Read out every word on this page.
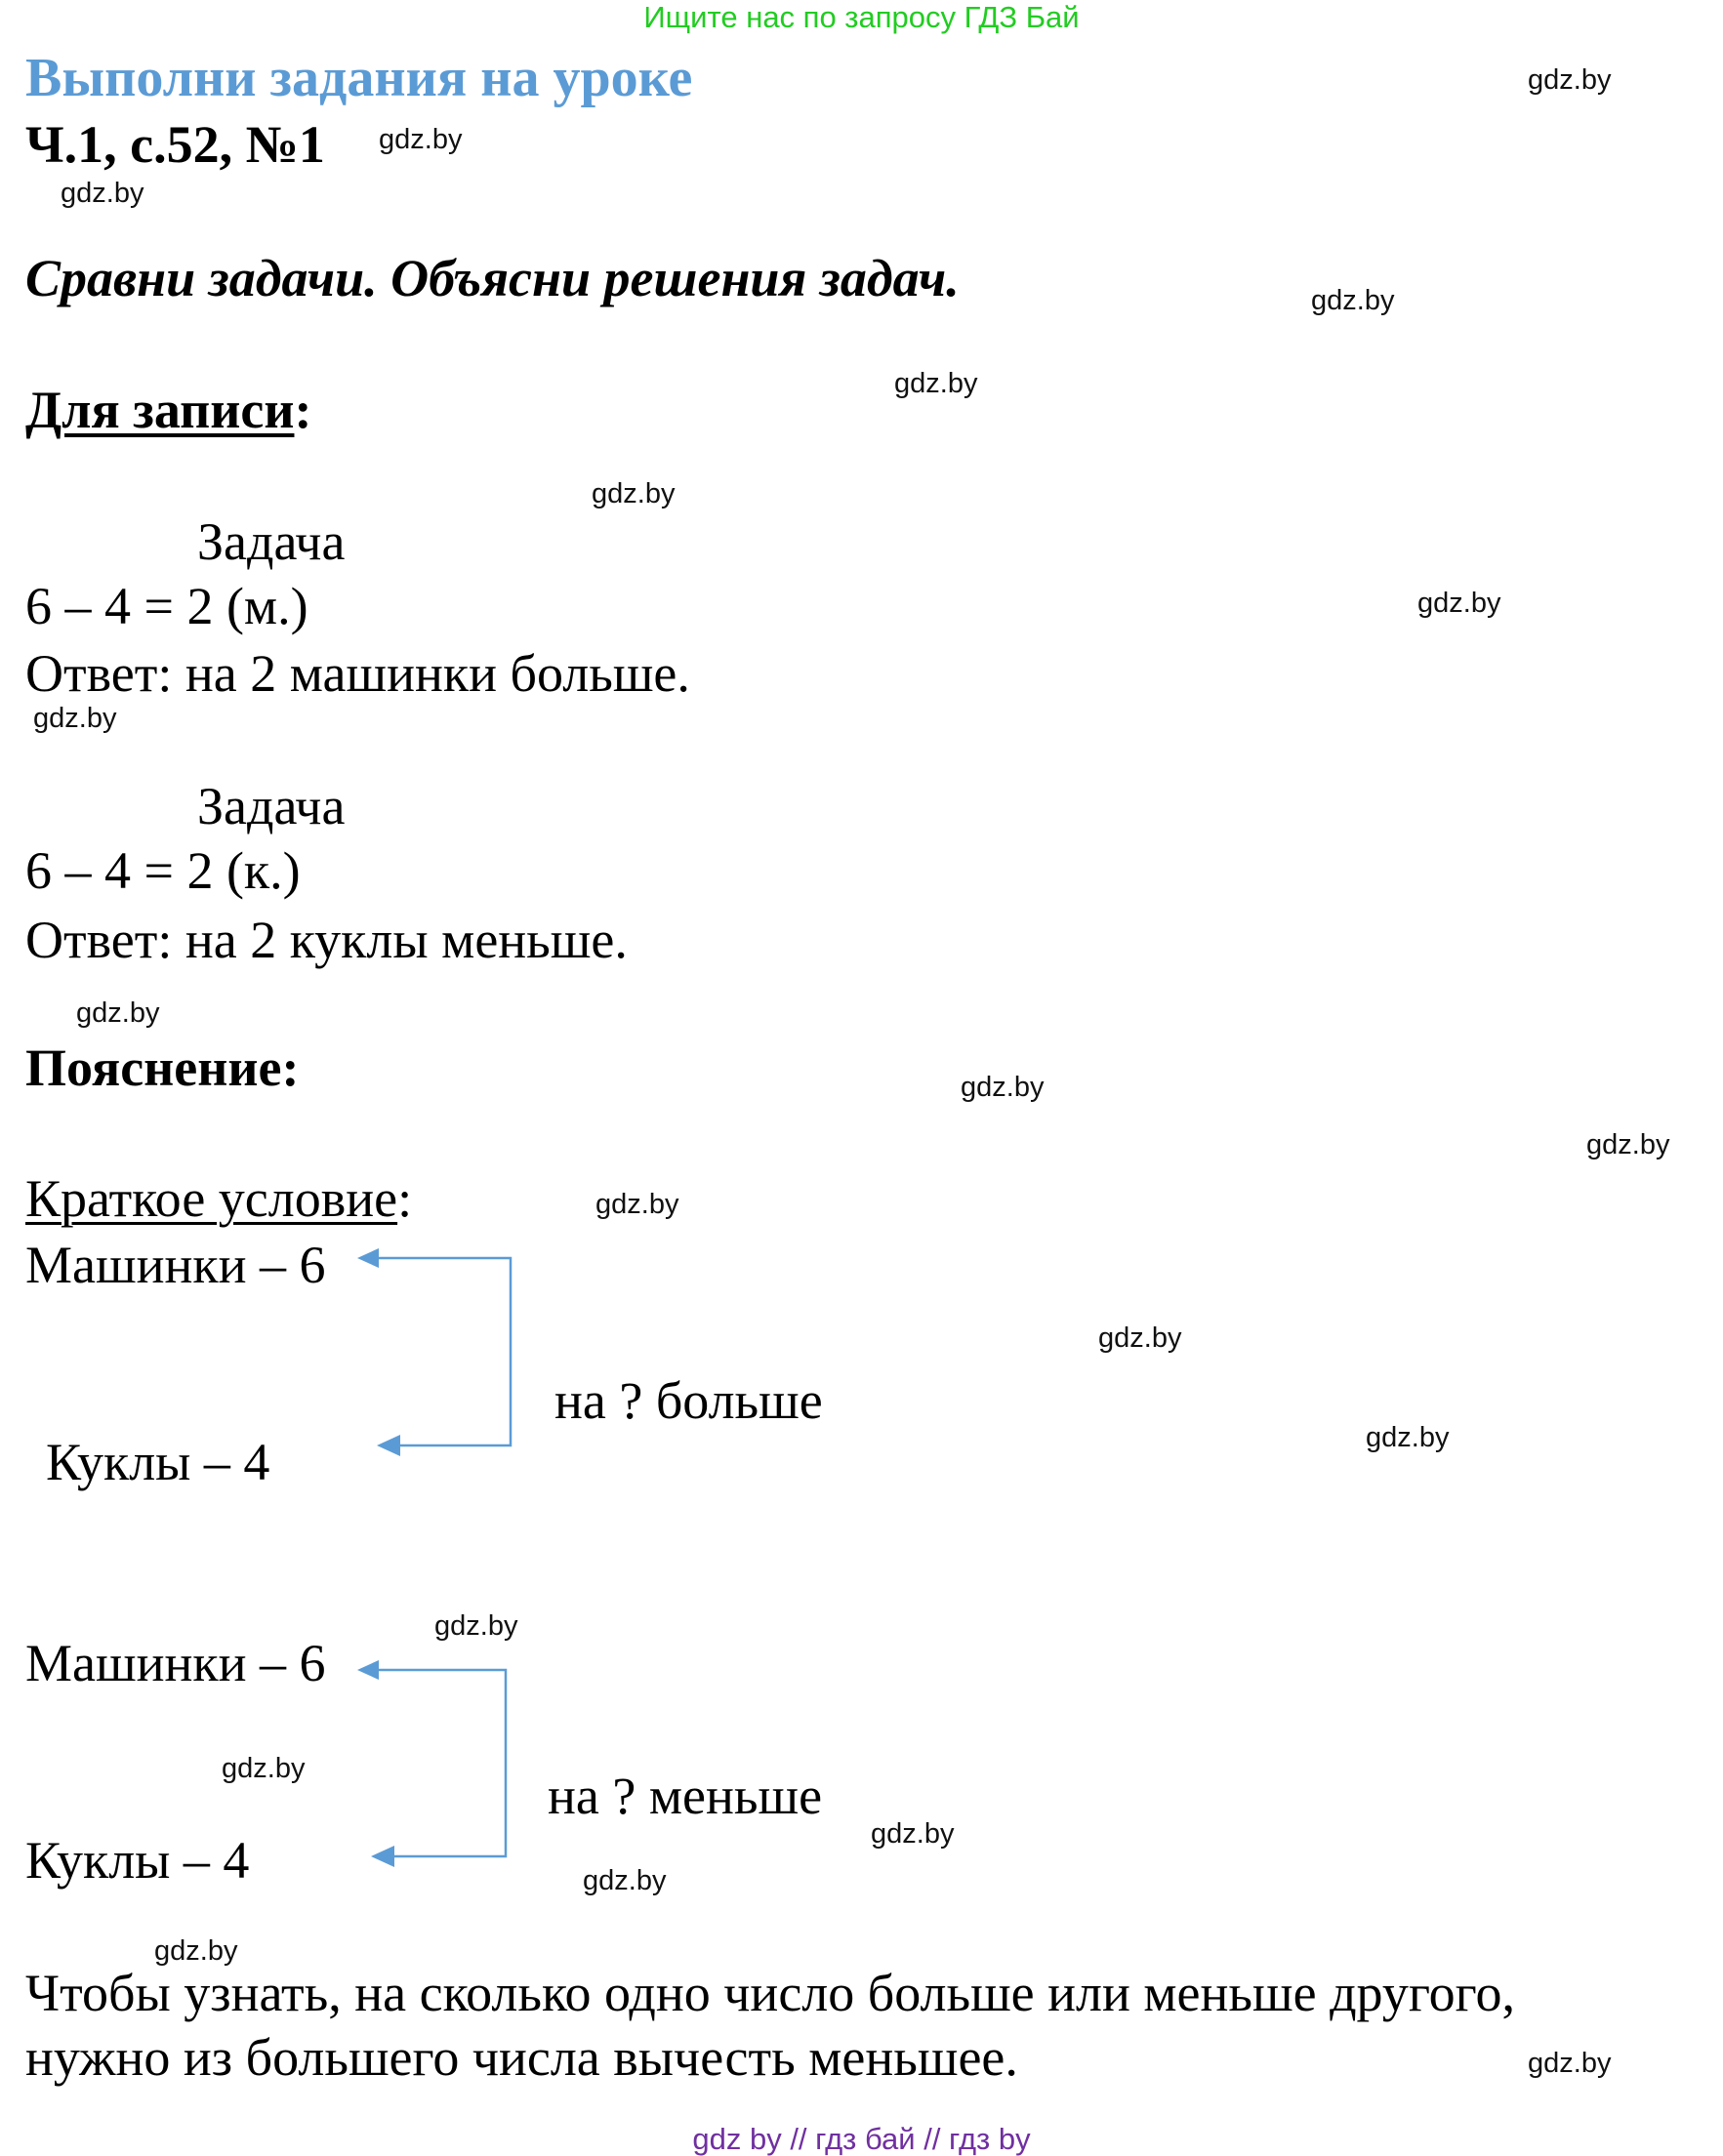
Ищите нас по запросу ГДЗ Бай
Выполни задания на уроке
Ч.1, с.52, №1
Сравни задачи. Объясни решения задач.
Для записи:
Задача
6 – 4 = 2 (м.)
Ответ: на 2 машинки больше.
Задача
6 – 4 = 2 (к.)
Ответ: на 2 куклы меньше.
Пояснение:
Краткое условие:
Машинки – 6
на ? больше
Куклы – 4
Машинки – 6
на ? меньше
Куклы – 4
Чтобы узнать, на сколько одно число больше или меньше другого,
нужно из большего числа вычесть меньшее.
gdz by // гдз бай // гдз by
gdz.by
gdz.by
gdz.by
gdz.by
gdz.by
gdz.by
gdz.by
gdz.by
gdz.by
gdz.by
gdz.by
gdz.by
gdz.by
gdz.by
gdz.by
gdz.by
gdz.by
gdz.by
gdz.by
gdz.by
